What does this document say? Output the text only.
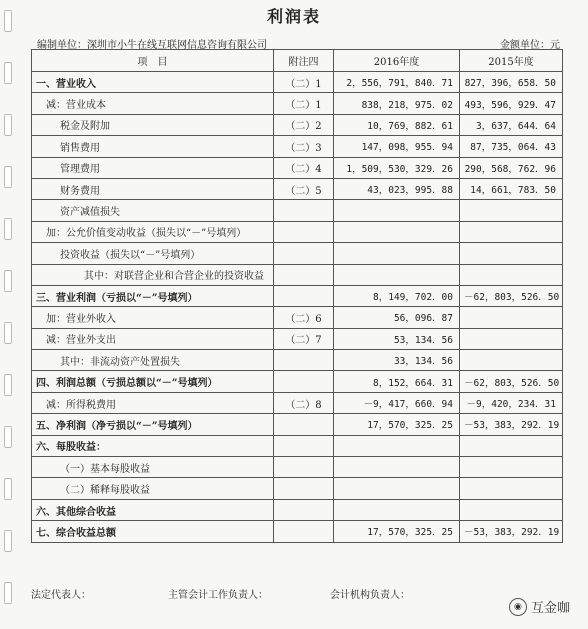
利润表
编制单位：深圳市小牛在线互联网信息咨询有限公司	金额单位：元
项　目	附注四	2016年度	2015年度
一、营业收入	（二）1	2，556，791，840．71	827，396，658．50
减：营业成本	（二）1	838，218，975．02	493，596，929．47
税金及附加	（二）2	10，769，882．61	3，637，644．64
销售费用	（二）3	147，098，955．94	87，735，064．43
管理费用	（二）4	1，509，530，329．26	290，568，762．96
财务费用	（二）5	43，023，995．88	14，661，783．50
资产减值损失			
加：公允价值变动收益（损失以“－”号填列）			
投资收益（损失以“－”号填列）			
其中：对联营企业和合营企业的投资收益			
三、营业利润（亏损以“－”号填列）		8，149，702．00	－62，803，526．50
加：营业外收入	（二）6	56，096．87	
减：营业外支出	（二）7	53，134．56	
其中：非流动资产处置损失		33，134．56	
四、利润总额（亏损总额以“－”号填列）		8，152，664．31	－62，803，526．50
减：所得税费用	（二）8	－9，417，660．94	－9，420，234．31
五、净利润（净亏损以“－”号填列）		17，570，325．25	－53，383，292．19
六、每股收益：			
（一）基本每股收益			
（二）稀释每股收益			
六、其他综合收益			
七、综合收益总额		17，570，325．25	－53，383，292．19
法定代表人：	主管会计工作负责人：	会计机构负责人：
◉ 互金咖
